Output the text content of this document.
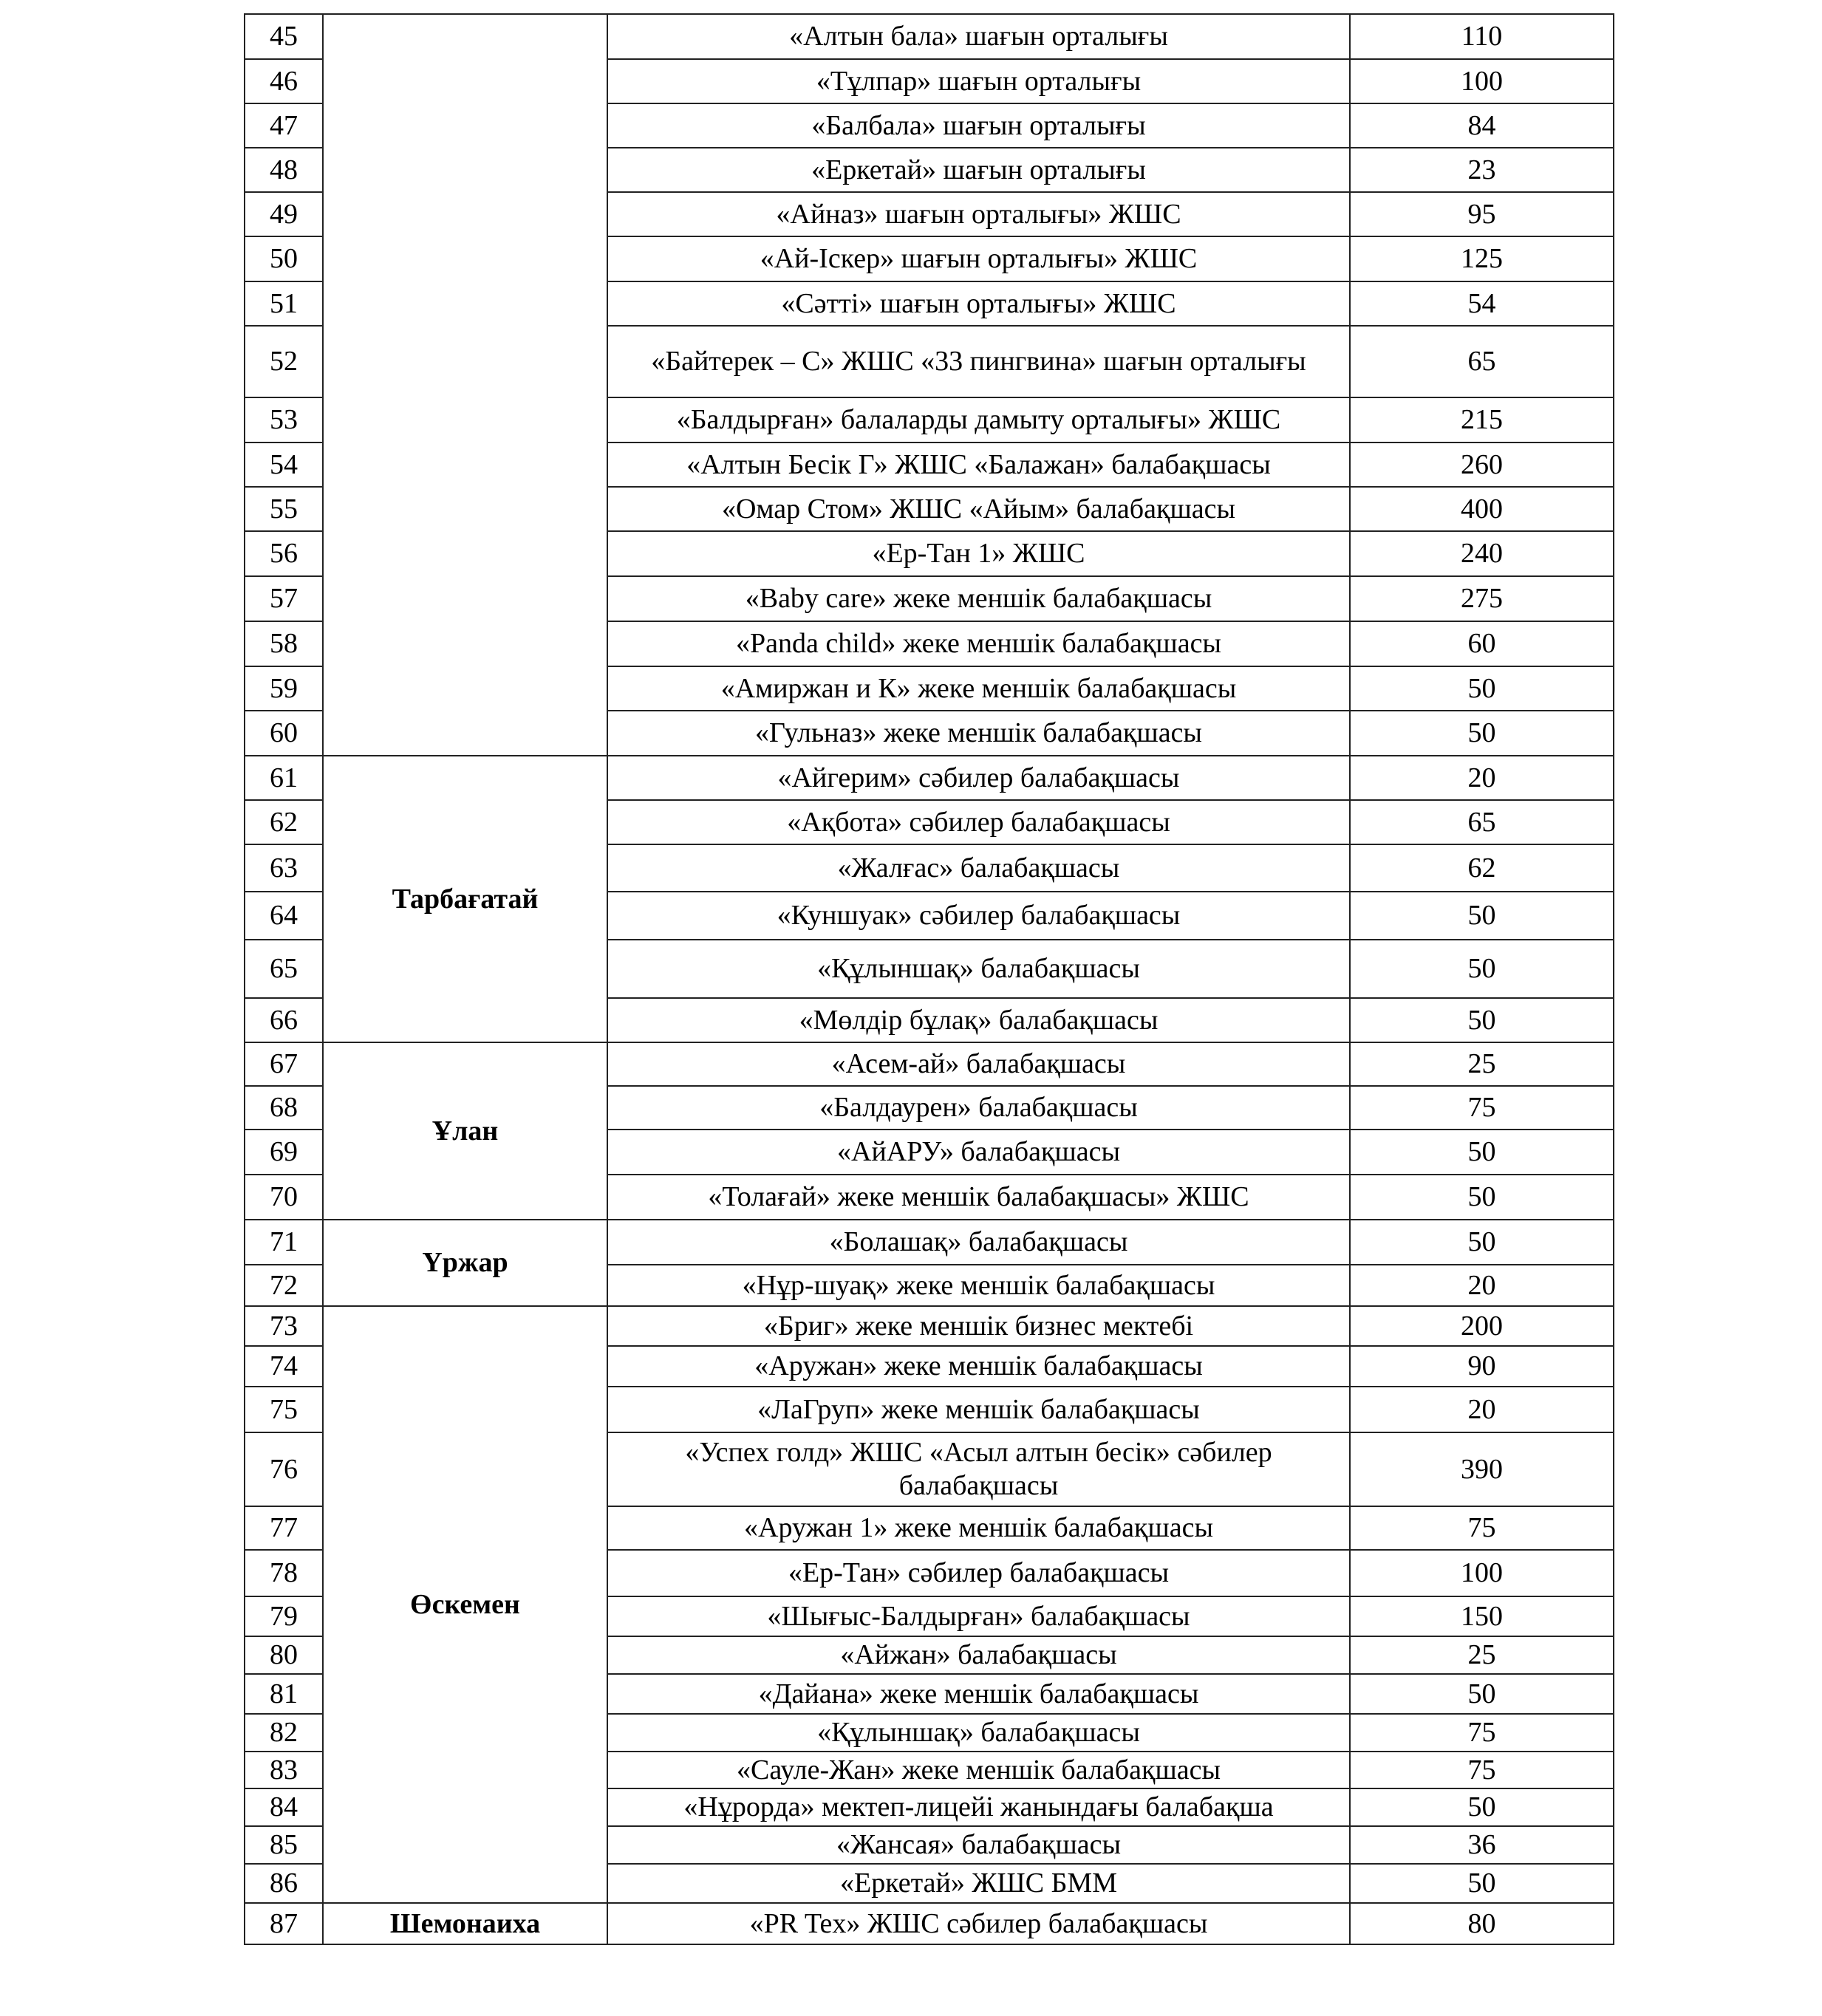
45		«Алтын бала» шағын орталығы	110
46		«Тұлпар» шағын орталығы	100
47		«Балбала» шағын орталығы	84
48		«Еркетай» шағын орталығы	23
49		«Айназ» шағын орталығы» ЖШС	95
50		«Ай-Іскер» шағын орталығы» ЖШС	125
51		«Сәтті» шағын орталығы» ЖШС	54
52		«Байтерек – С» ЖШС «33 пингвина» шағын орталығы	65
53		«Балдырған» балаларды дамыту орталығы» ЖШС	215
54		«Алтын Бесік Г» ЖШС «Балажан» балабақшасы	260
55		«Омар Стом» ЖШС «Айым» балабақшасы	400
56		«Ер-Тан 1» ЖШС	240
57		«Baby care» жеке меншік балабақшасы	275
58		«Panda child» жеке меншік балабақшасы	60
59		«Амиржан и К» жеке меншік балабақшасы	50
60		«Гульназ» жеке меншік балабақшасы	50
61	Тарбағатай	«Айгерим» сәбилер балабақшасы	20
62		«Ақбота» сәбилер балабақшасы	65
63		«Жалғас» балабақшасы	62
64		«Куншуак» сәбилер балабақшасы	50
65		«Құлыншақ» балабақшасы	50
66		«Мөлдір бұлақ» балабақшасы	50
67	Ұлан	«Асем-ай» балабақшасы	25
68		«Балдаурен» балабақшасы	75
69		«АйАРУ» балабақшасы	50
70		«Толағай» жеке меншік балабақшасы» ЖШС	50
71	Үржар	«Болашақ» балабақшасы	50
72		«Нұр-шуақ» жеке меншік балабақшасы	20
73	Өскемен	«Бриг» жеке меншік бизнес мектебі	200
74		«Аружан» жеке меншік балабақшасы	90
75		«ЛаГруп» жеке меншік балабақшасы	20
76		«Успех голд» ЖШС «Асыл алтын бесік» сәбилер балабақшасы	390
77		«Аружан 1» жеке меншік балабақшасы	75
78		«Ер-Тан» сәбилер балабақшасы	100
79		«Шығыс-Балдырған» балабақшасы	150
80		«Айжан» балабақшасы	25
81		«Дайана» жеке меншік балабақшасы	50
82		«Құлыншақ» балабақшасы	75
83		«Сауле-Жан» жеке меншік балабақшасы	75
84		«Нұрорда» мектеп-лицейі жанындағы балабақша	50
85		«Жансая» балабақшасы	36
86		«Еркетай» ЖШС БММ	50
87	Шемонаиха	«PR Tex» ЖШС сәбилер балабақшасы	80
